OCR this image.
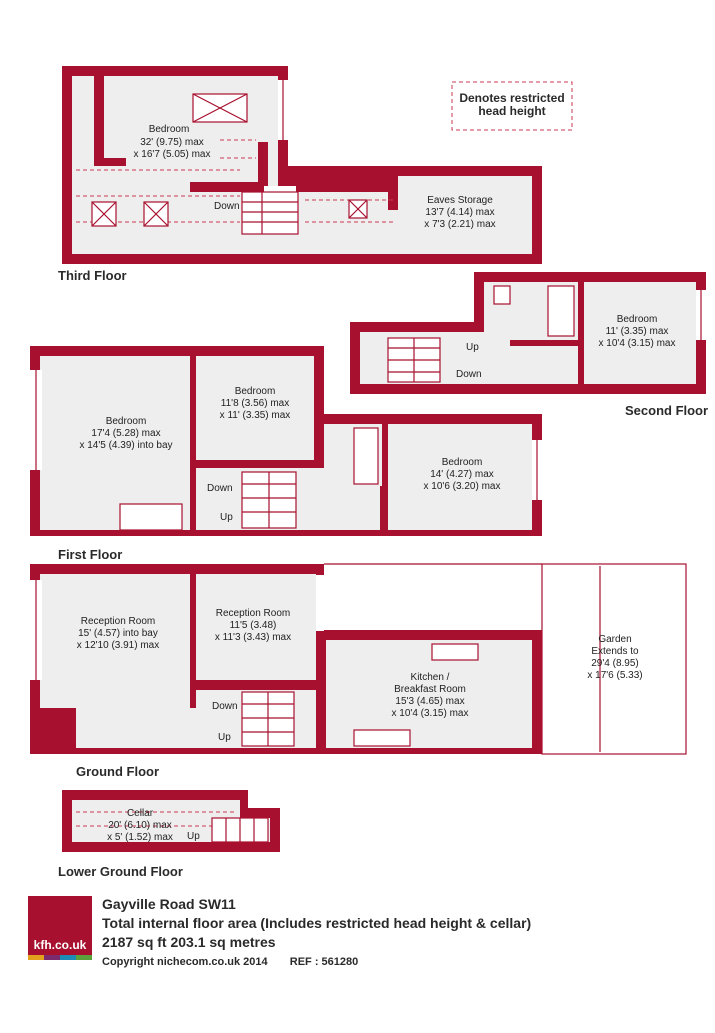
Bedroom
32' (9.75) max
x 16'7 (5.05) max
Down
Eaves Storage
13'7 (4.14) max
x 7'3 (2.21) max
Bedroom
11' (3.35) max
x 10'4 (3.15) max
Up
Down
Bedroom
17'4 (5.28) max
x 14'5 (4.39) into bay
Bedroom
11'8 (3.56) max
x 11' (3.35) max
Bedroom
14' (4.27) max
x 10'6 (3.20) max
Down
Up
Reception Room
15' (4.57) into bay
x 12'10 (3.91) max
Reception Room
11'5 (3.48)
x 11'3 (3.43) max
Kitchen /
Breakfast Room
15'3 (4.65) max
x 10'4 (3.15) max
Garden
Extends to
29'4 (8.95)
x 17'6 (5.33)
Down
Up
Cellar
20' (6.10) max
x 5' (1.52) max Up
Denotes restricted
head height
Third Floor
Second Floor
First Floor
Ground Floor
Lower Ground Floor
kfh.co.uk
Gayville Road SW11
Total internal floor area (Includes restricted head height & cellar)
2187 sq ft 203.1 sq metres
Copyright nichecom.co.uk 2014 REF : 561280
